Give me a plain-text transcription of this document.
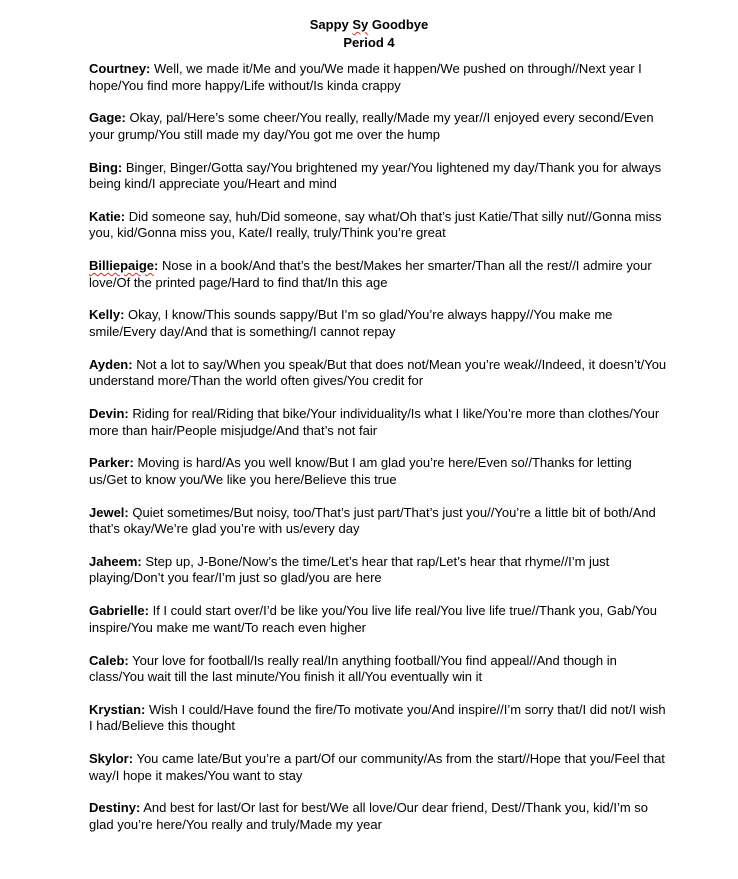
Sappy Sy Goodbye
Period 4

Courtney: Well, we made it/Me and you/We made it happen/We pushed on through//Next year I hope/You find more happy/Life without/Is kinda crappy

Gage: Okay, pal/Here’s some cheer/You really, really/Made my year//I enjoyed every second/Even your grump/You still made my day/You got me over the hump

Bing: Binger, Binger/Gotta say/You brightened my year/You lightened my day/Thank you for always being kind/I appreciate you/Heart and mind

Katie: Did someone say, huh/Did someone, say what/Oh that’s just Katie/That silly nut//Gonna miss you, kid/Gonna miss you, Kate/I really, truly/Think you’re great

Billiepaige: Nose in a book/And that’s the best/Makes her smarter/Than all the rest//I admire your love/Of the printed page/Hard to find that/In this age

Kelly: Okay, I know/This sounds sappy/But I’m so glad/You’re always happy//You make me smile/Every day/And that is something/I cannot repay

Ayden: Not a lot to say/When you speak/But that does not/Mean you’re weak//Indeed, it doesn’t/You understand more/Than the world often gives/You credit for

Devin: Riding for real/Riding that bike/Your individuality/Is what I like/You’re more than clothes/Your more than hair/People misjudge/And that’s not fair

Parker: Moving is hard/As you well know/But I am glad you’re here/Even so//Thanks for letting us/Get to know you/We like you here/Believe this true

Jewel: Quiet sometimes/But noisy, too/That’s just part/That’s just you//You’re a little bit of both/And that’s okay/We’re glad you’re with us/every day

Jaheem: Step up, J-Bone/Now’s the time/Let’s hear that rap/Let’s hear that rhyme//I’m just playing/Don’t you fear/I’m just so glad/you are here

Gabrielle: If I could start over/I’d be like you/You live life real/You live life true//Thank you, Gab/You inspire/You make me want/To reach even higher

Caleb: Your love for football/Is really real/In anything football/You find appeal//And though in class/You wait till the last minute/You finish it all/You eventually win it

Krystian: Wish I could/Have found the fire/To motivate you/And inspire//I’m sorry that/I did not/I wish I had/Believe this thought

Skylor: You came late/But you’re a part/Of our community/As from the start//Hope that you/Feel that way/I hope it makes/You want to stay

Destiny: And best for last/Or last for best/We all love/Our dear friend, Dest//Thank you, kid/I’m so glad you’re here/You really and truly/Made my year
